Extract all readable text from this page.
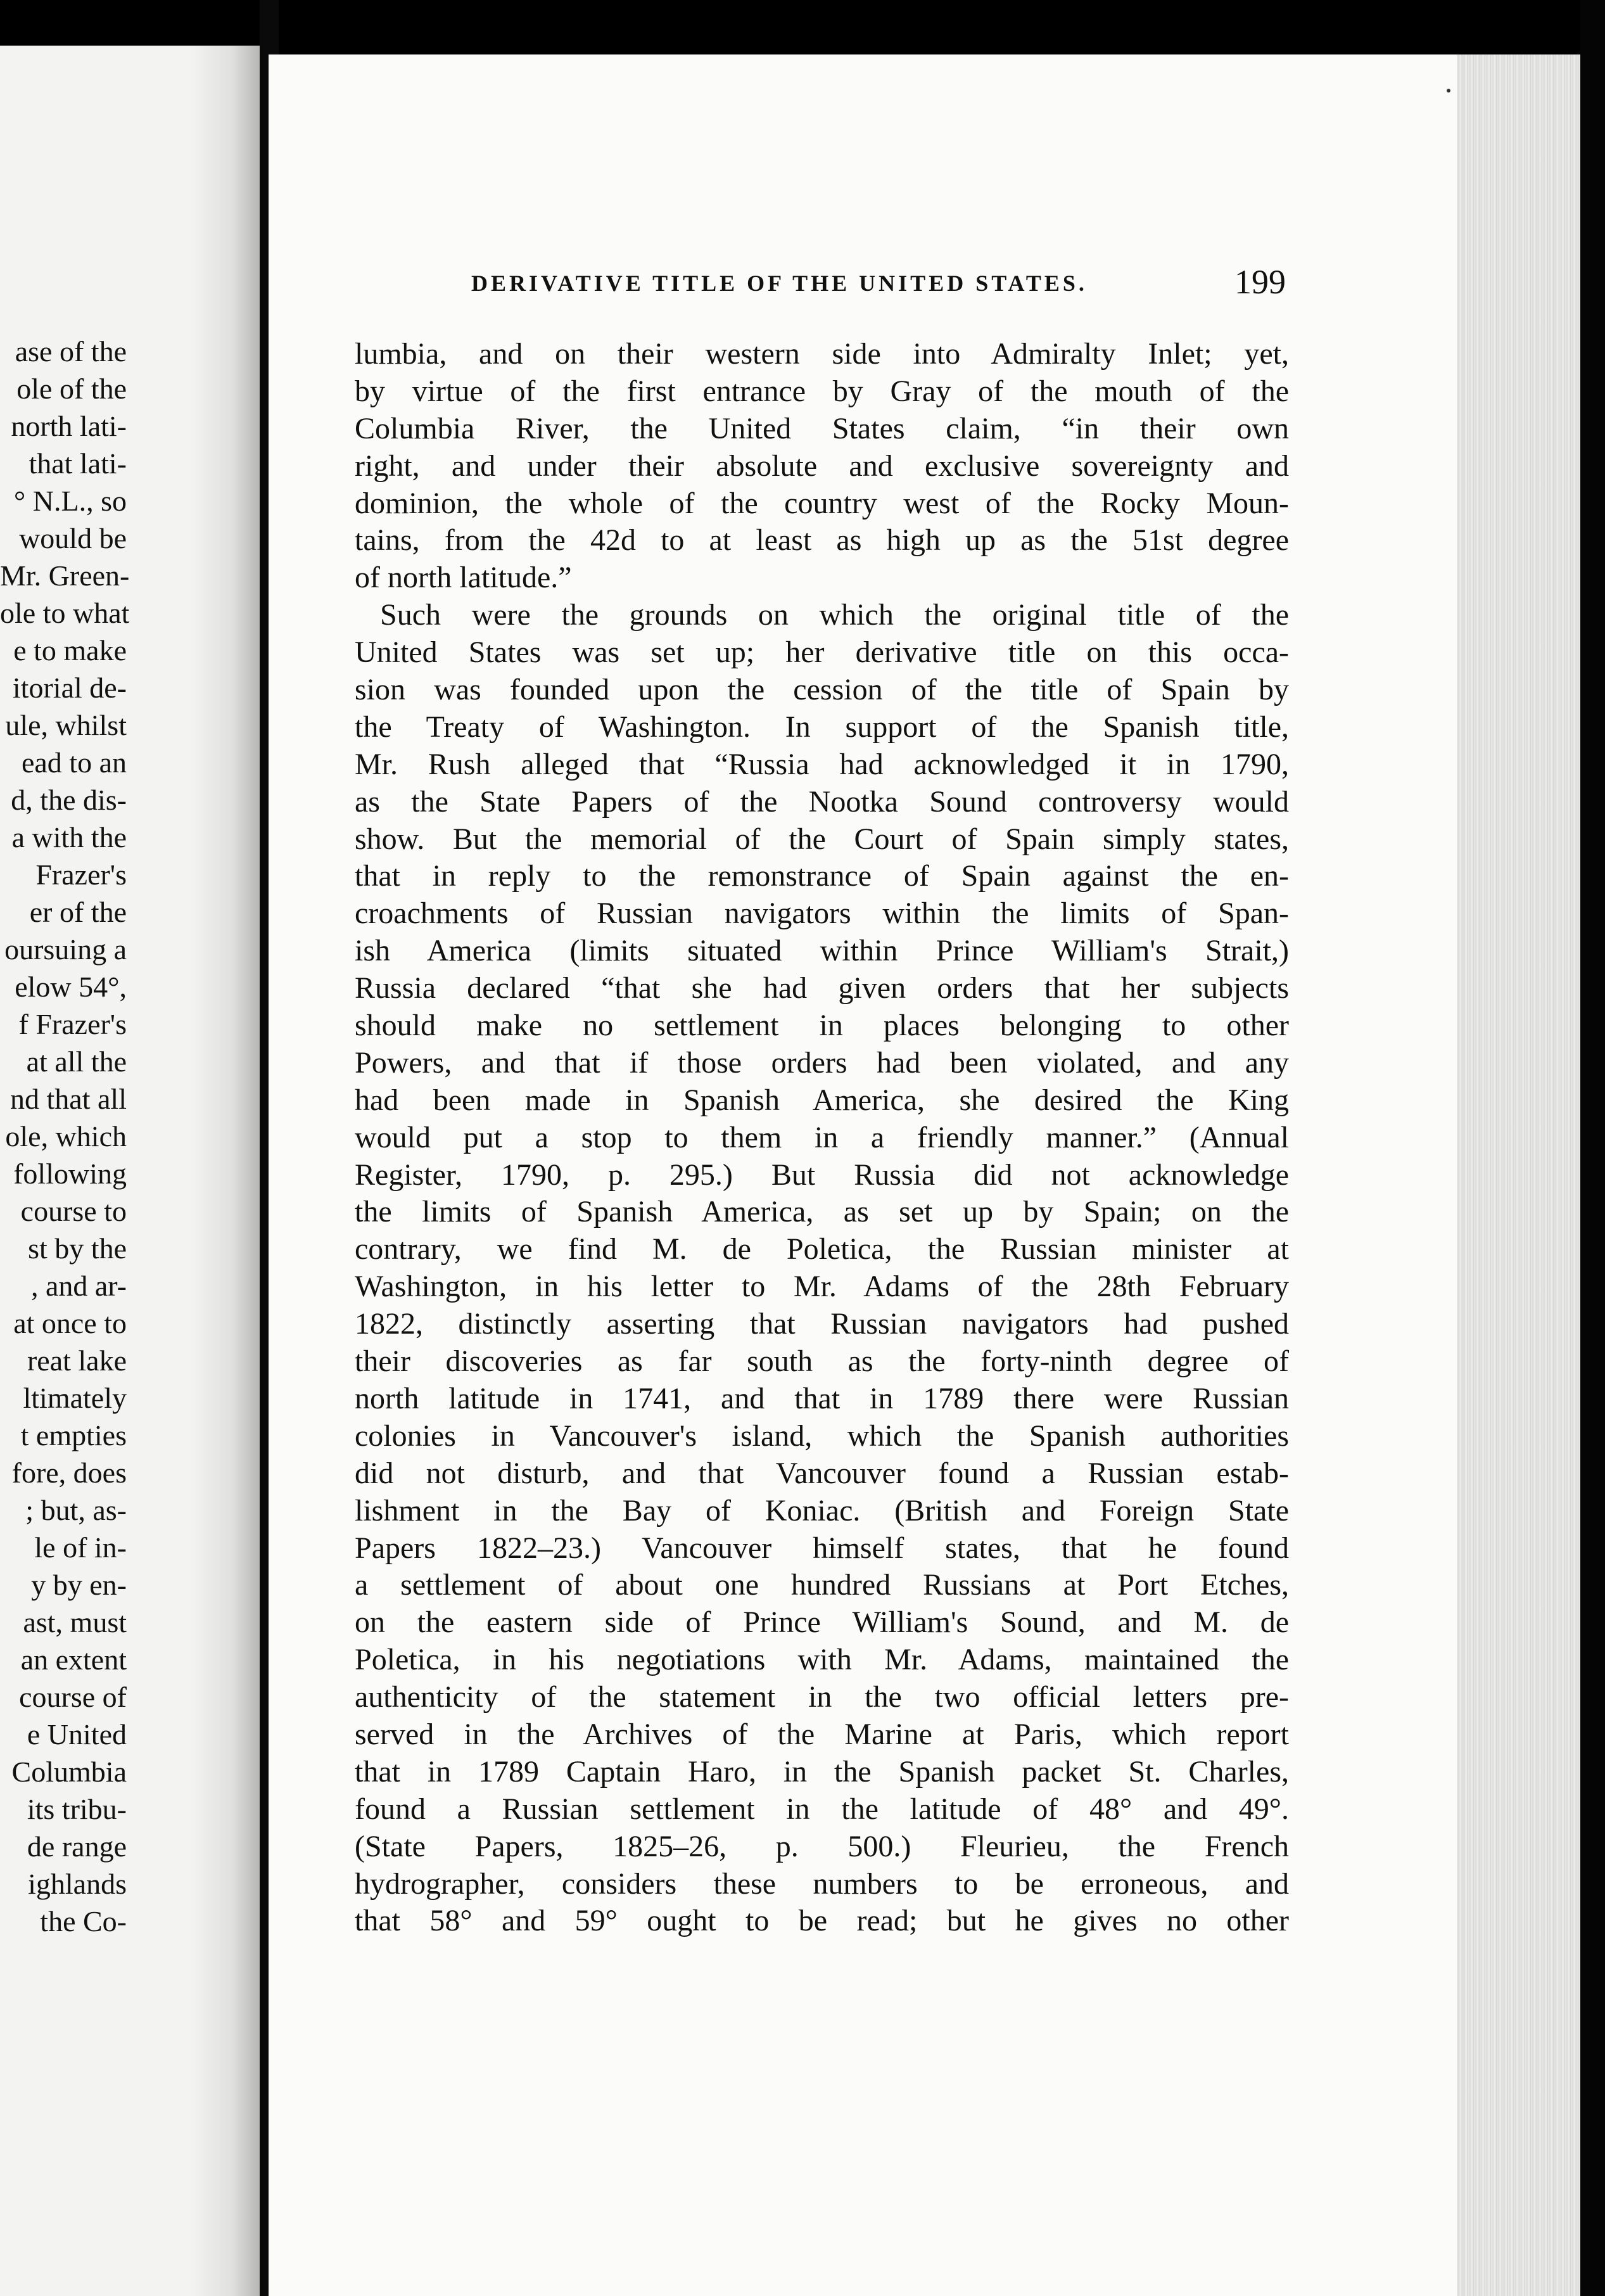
ase of the
ole of the
north lati-
that lati-
° N.L., so
would be
Mr. Green-
ole to what
e to make
itorial de-
ule, whilst
ead to an
d, the dis-
a with the
Frazer's
er of the
oursuing a
elow 54°,
f Frazer's
at all the
nd that all
ole, which
following
course to
st by the
, and ar-
at once to
reat lake
ltimately
t empties
fore, does
; but, as-
le of in-
y by en-
ast, must
an extent
course of
e United
Columbia
its tribu-
de range
ighlands
the Co-
DERIVATIVE TITLE OF THE UNITED STATES.	199
lumbia, and on their western side into Admiralty Inlet; yet,
by virtue of the first entrance by Gray of the mouth of the
Columbia River, the United States claim, “in their own
right, and under their absolute and exclusive sovereignty and
dominion, the whole of the country west of the Rocky Moun-
tains, from the 42d to at least as high up as the 51st degree
of north latitude.”
Such were the grounds on which the original title of the
United States was set up; her derivative title on this occa-
sion was founded upon the cession of the title of Spain by
the Treaty of Washington. In support of the Spanish title,
Mr. Rush alleged that “Russia had acknowledged it in 1790,
as the State Papers of the Nootka Sound controversy would
show. But the memorial of the Court of Spain simply states,
that in reply to the remonstrance of Spain against the en-
croachments of Russian navigators within the limits of Span-
ish America (limits situated within Prince William's Strait,)
Russia declared “that she had given orders that her subjects
should make no settlement in places belonging to other
Powers, and that if those orders had been violated, and any
had been made in Spanish America, she desired the King
would put a stop to them in a friendly manner.” (Annual
Register, 1790, p. 295.) But Russia did not acknowledge
the limits of Spanish America, as set up by Spain; on the
contrary, we find M. de Poletica, the Russian minister at
Washington, in his letter to Mr. Adams of the 28th February
1822, distinctly asserting that Russian navigators had pushed
their discoveries as far south as the forty-ninth degree of
north latitude in 1741, and that in 1789 there were Russian
colonies in Vancouver's island, which the Spanish authorities
did not disturb, and that Vancouver found a Russian estab-
lishment in the Bay of Koniac. (British and Foreign State
Papers 1822–23.) Vancouver himself states, that he found
a settlement of about one hundred Russians at Port Etches,
on the eastern side of Prince William's Sound, and M. de
Poletica, in his negotiations with Mr. Adams, maintained the
authenticity of the statement in the two official letters pre-
served in the Archives of the Marine at Paris, which report
that in 1789 Captain Haro, in the Spanish packet St. Charles,
found a Russian settlement in the latitude of 48° and 49°.
(State Papers, 1825–26, p. 500.) Fleurieu, the French
hydrographer, considers these numbers to be erroneous, and
that 58° and 59° ought to be read; but he gives no other
